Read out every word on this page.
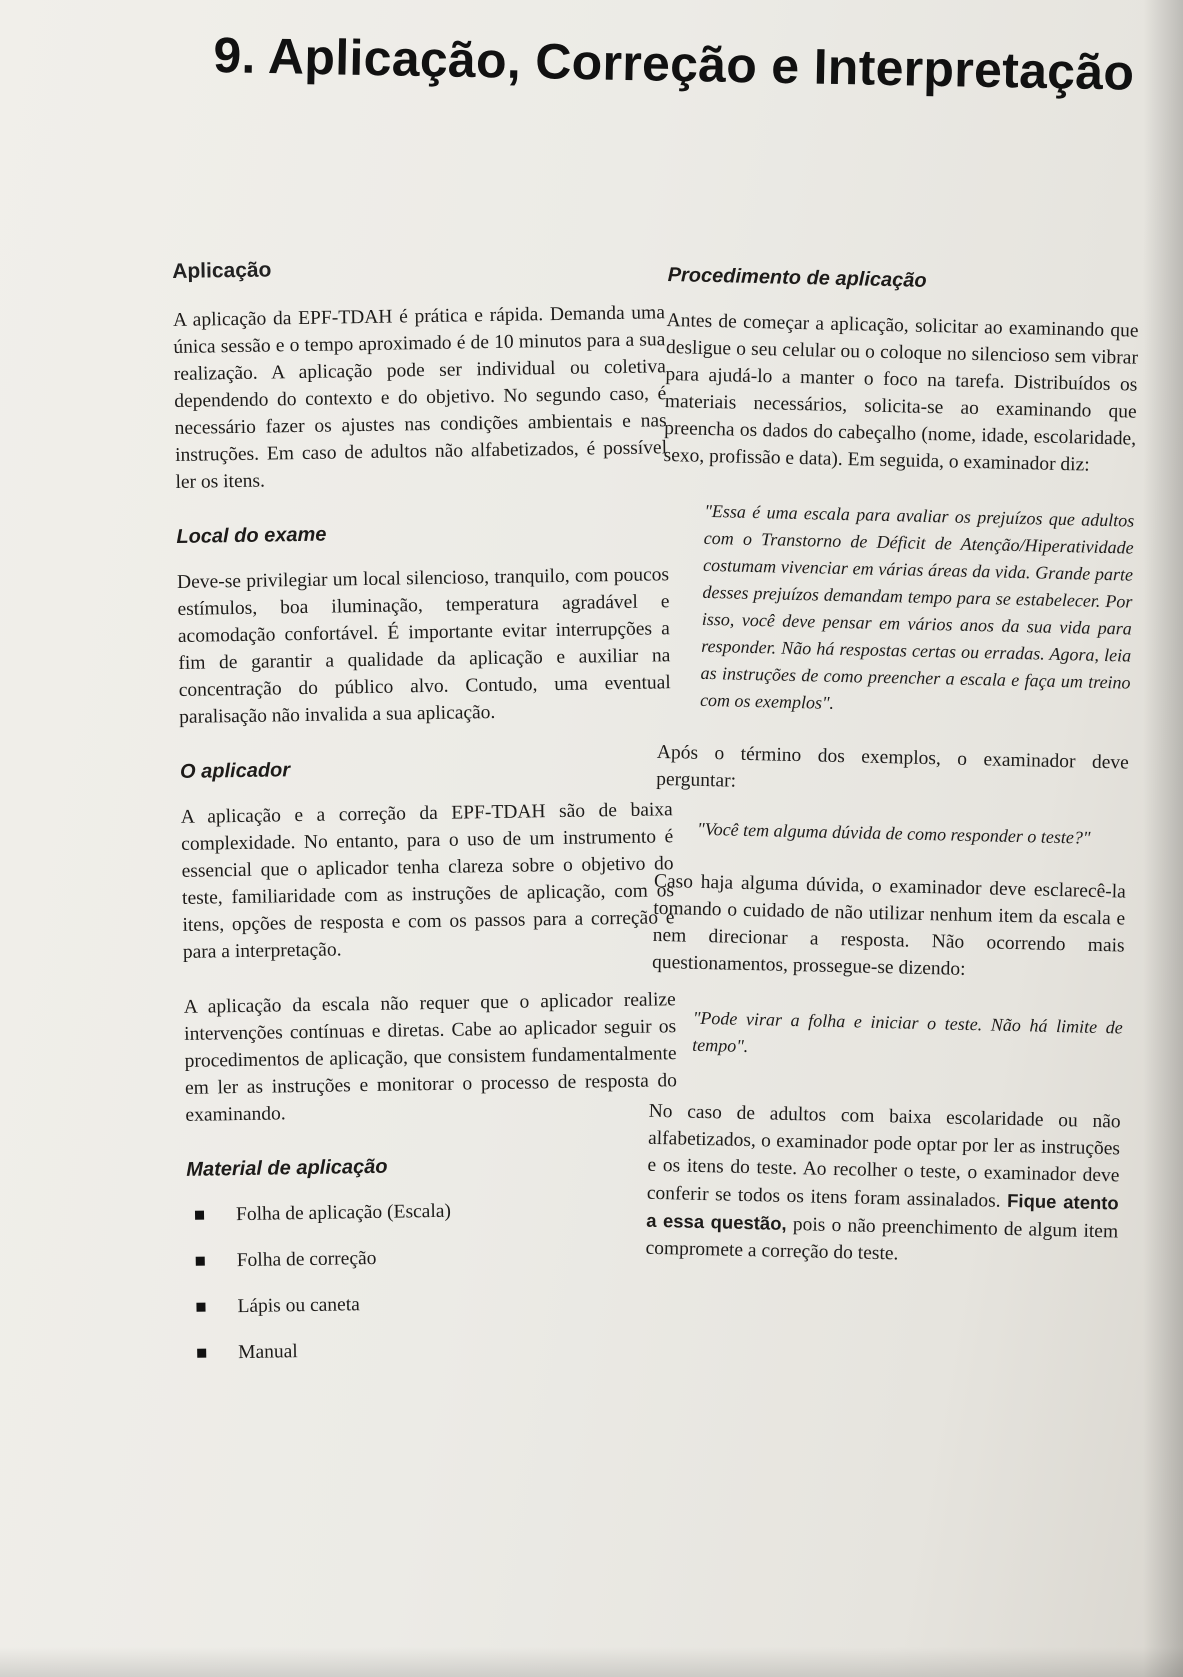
9. Aplicação, Correção e Interpretação
Aplicação

A aplicação da EPF-TDAH é prática e rápida. Demanda uma única sessão e o tempo aproximado é de 10 minutos para a sua realização. A aplicação pode ser individual ou coletiva dependendo do contexto e do objetivo. No segundo caso, é necessário fazer os ajustes nas condições ambientais e nas instruções. Em caso de adultos não alfabetizados, é possível ler os itens.

Local do exame

Deve-se privilegiar um local silencioso, tranquilo, com poucos estímulos, boa iluminação, temperatura agradável e acomodação confortável. É importante evitar interrupções a fim de garantir a qualidade da aplicação e auxiliar na concentração do público alvo. Contudo, uma eventual paralisação não invalida a sua aplicação.

O aplicador

A aplicação e a correção da EPF-TDAH são de baixa complexidade. No entanto, para o uso de um instrumento é essencial que o aplicador tenha clareza sobre o objetivo do teste, familiaridade com as instruções de aplicação, com os itens, opções de resposta e com os passos para a correção e para a interpretação.

A aplicação da escala não requer que o aplicador realize intervenções contínuas e diretas. Cabe ao aplicador seguir os procedimentos de aplicação, que consistem fundamentalmente em ler as instruções e monitorar o processo de resposta do examinando.

Material de aplicação
Folha de aplicação (Escala)
Folha de correção
Lápis ou caneta
Manual
Procedimento de aplicação

Antes de começar a aplicação, solicitar ao examinando que desligue o seu celular ou o coloque no silencioso sem vibrar para ajudá-lo a manter o foco na tarefa. Distribuídos os materiais necessários, solicita-se ao examinando que preencha os dados do cabeçalho (nome, idade, escolaridade, sexo, profissão e data). Em seguida, o examinador diz:

"Essa é uma escala para avaliar os prejuízos que adultos com o Transtorno de Déficit de Atenção/Hiperatividade costumam vivenciar em várias áreas da vida. Grande parte desses prejuízos demandam tempo para se estabelecer. Por isso, você deve pensar em vários anos da sua vida para responder. Não há respostas certas ou erradas. Agora, leia as instruções de como preencher a escala e faça um treino com os exemplos".

Após o término dos exemplos, o examinador deve perguntar:

"Você tem alguma dúvida de como responder o teste?"

Caso haja alguma dúvida, o examinador deve esclarecê-la tomando o cuidado de não utilizar nenhum item da escala e nem direcionar a resposta. Não ocorrendo mais questionamentos, prossegue-se dizendo:

"Pode virar a folha e iniciar o teste. Não há limite de tempo".

No caso de adultos com baixa escolaridade ou não alfabetizados, o examinador pode optar por ler as instruções e os itens do teste. Ao recolher o teste, o examinador deve conferir se todos os itens foram assinalados. Fique atento a essa questão, pois o não preenchimento de algum item compromete a correção do teste.
